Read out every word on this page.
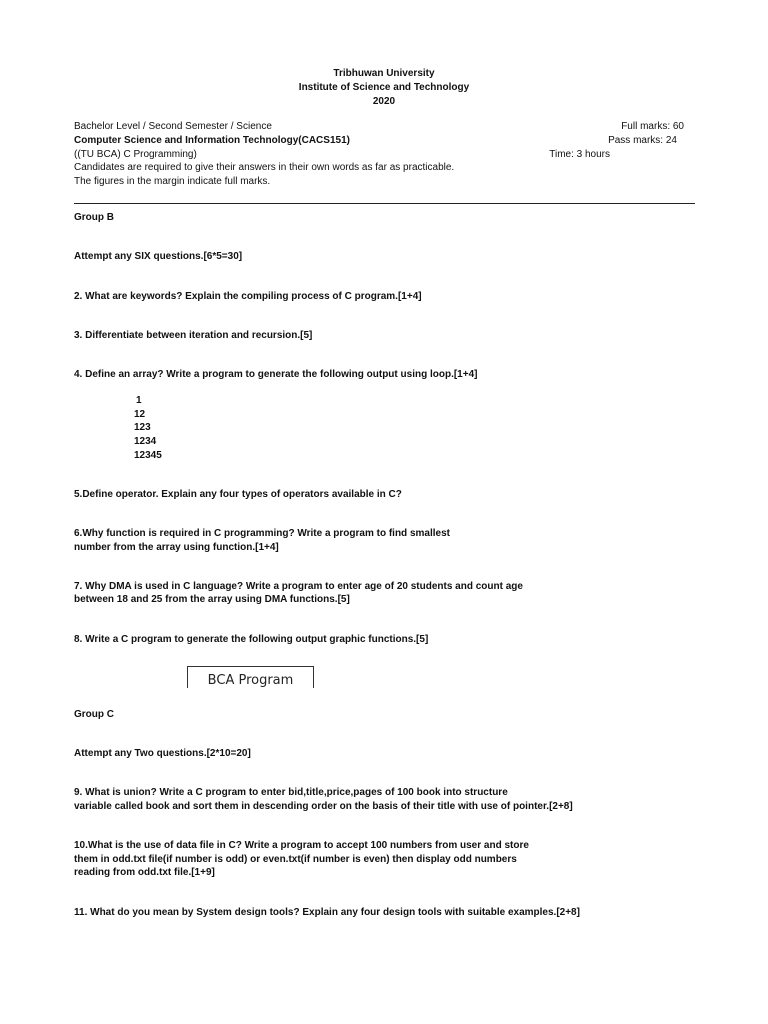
Tribhuwan University
Institute of Science and Technology
2020
Bachelor Level / Second Semester / Science
Computer Science and Information Technology(CACS151)
((TU BCA) C Programming)
Candidates are required to give their answers in their own words as far as practicable.
The figures in the margin indicate full marks.
Full marks: 60
Pass marks: 24
Time: 3 hours
Group B
Attempt any SIX questions.[6*5=30]
2. What are keywords? Explain the compiling process of C program.[1+4]
3. Differentiate between iteration and recursion.[5]
4. Define an array? Write a program to generate the following output using loop.[1+4]
1
12
123
1234
12345
5.Define operator. Explain any four types of operators available in C?
6.Why function is required in C programming? Write a program to find smallest
number from the array using function.[1+4]
7. Why DMA is used in C language? Write a program to enter age of 20 students and count age
between 18 and 25 from the array using DMA functions.[5]
8. Write a C program to generate the following output graphic functions.[5]
BCA Program
Group C
Attempt any Two questions.[2*10=20]
9. What is union? Write a C program to enter bid,title,price,pages of 100 book into structure
variable called book and sort them in descending order on the basis of their title with use of pointer.[2+8]
10.What is the use of data file in C? Write a program to accept 100 numbers from user and store
them in odd.txt file(if number is odd) or even.txt(if number is even) then display odd numbers
reading from odd.txt file.[1+9]
11. What do you mean by System design tools? Explain any four design tools with suitable examples.[2+8]
